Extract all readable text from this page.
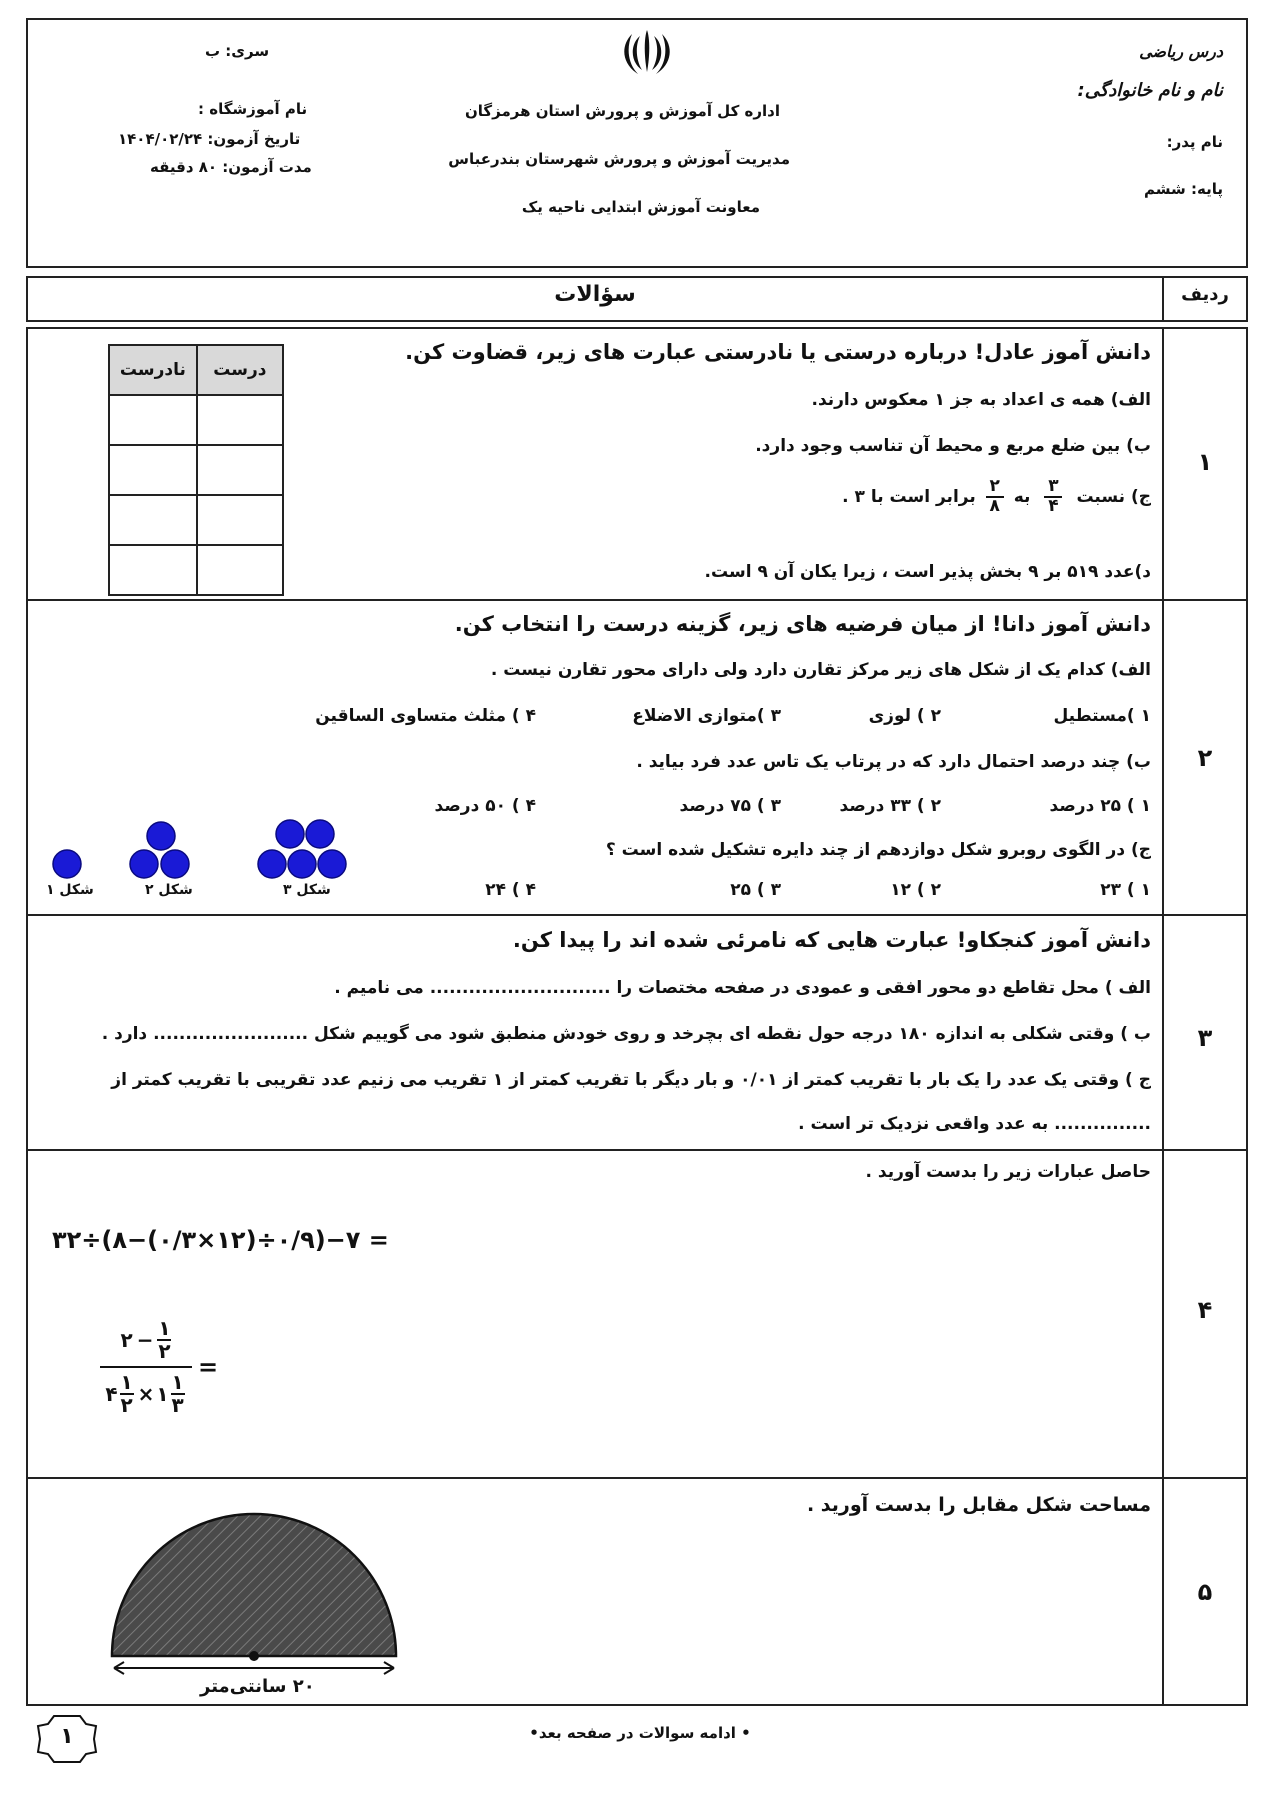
درس ریاضی
نام و نام خانوادگی:
نام پدر:
پایه: ششم
سری: ب
نام آموزشگاه :
تاریخ آزمون: ۱۴۰۴/۰۲/۲۴
مدت آزمون: ۸۰ دقیقه
اداره کل آموزش و پرورش استان هرمزگان
مدیریت آموزش و پرورش شهرستان بندرعباس
معاونت آموزش ابتدایی ناحیه یک
ردیف
سؤالات
۱
دانش آموز عادل! درباره درستی یا نادرستی عبارت های زیر، قضاوت کن.
الف) همه ی اعداد به جز ۱ معکوس دارند.
ب) بین ضلع مربع و محیط آن تناسب وجود دارد.
ج) نسبت
$\frac{۳}{۴}$
به
$\frac{۲}{۸}$
برابر است با ۳ .
د)عدد ۵۱۹ بر ۹ بخش پذیر است ، زیرا یکان آن ۹ است.
درست	نادرست

۲
دانش آموز دانا! از میان فرضیه های زیر، گزینه درست را انتخاب کن.
الف) کدام یک از شکل های زیر مرکز تقارن دارد ولی دارای محور تقارن نیست .
۱ )مستطیل
۲ ) لوزی
۳ )متوازی الاضلاع
۴ ) مثلث متساوی الساقین
ب) چند درصد احتمال دارد که در پرتاب یک تاس عدد فرد بیاید .
۱ ) ۲۵ درصد
۲ ) ۳۳ درصد
۳ ) ۷۵ درصد
۴ ) ۵۰ درصد
ج) در الگوی روبرو شکل دوازدهم از چند دایره تشکیل شده است ؟
۱ ) ۲۳
۲ ) ۱۲
۳ ) ۲۵
۴ ) ۲۴
شکل ۱	شکل ۲	شکل ۳
۳
دانش آموز کنجکاو! عبارت هایی که نامرئی شده اند را پیدا کن.
الف ) محل تقاطع دو محور افقی و عمودی در صفحه مختصات را ............................ می نامیم .
ب ) وقتی شکلی به اندازه ۱۸۰ درجه حول نقطه ای بچرخد و روی خودش منطبق شود می گوییم شکل ........................ دارد .
ج ) وقتی یک عدد را یک بار با تقریب کمتر از ۰/۰۱ و بار دیگر با تقریب کمتر از ۱ تقریب می زنیم عدد تقریبی با تقریب کمتر از
............... به عدد واقعی نزدیک تر است .
۴
حاصل عبارات زیر را بدست آورید .
۳۲÷(۸−(۰/۳×۱۲)÷۰/۹)−۷ =
۲ − $\frac{۱}{۲}$
۴ $\frac{۱}{۲}$ × ۱ $\frac{۱}{۳}$
=
۵
مساحت شکل مقابل را بدست آورید .
۲۰ سانتی‌متر
۱	• ادامه سوالات در صفحه بعد•
